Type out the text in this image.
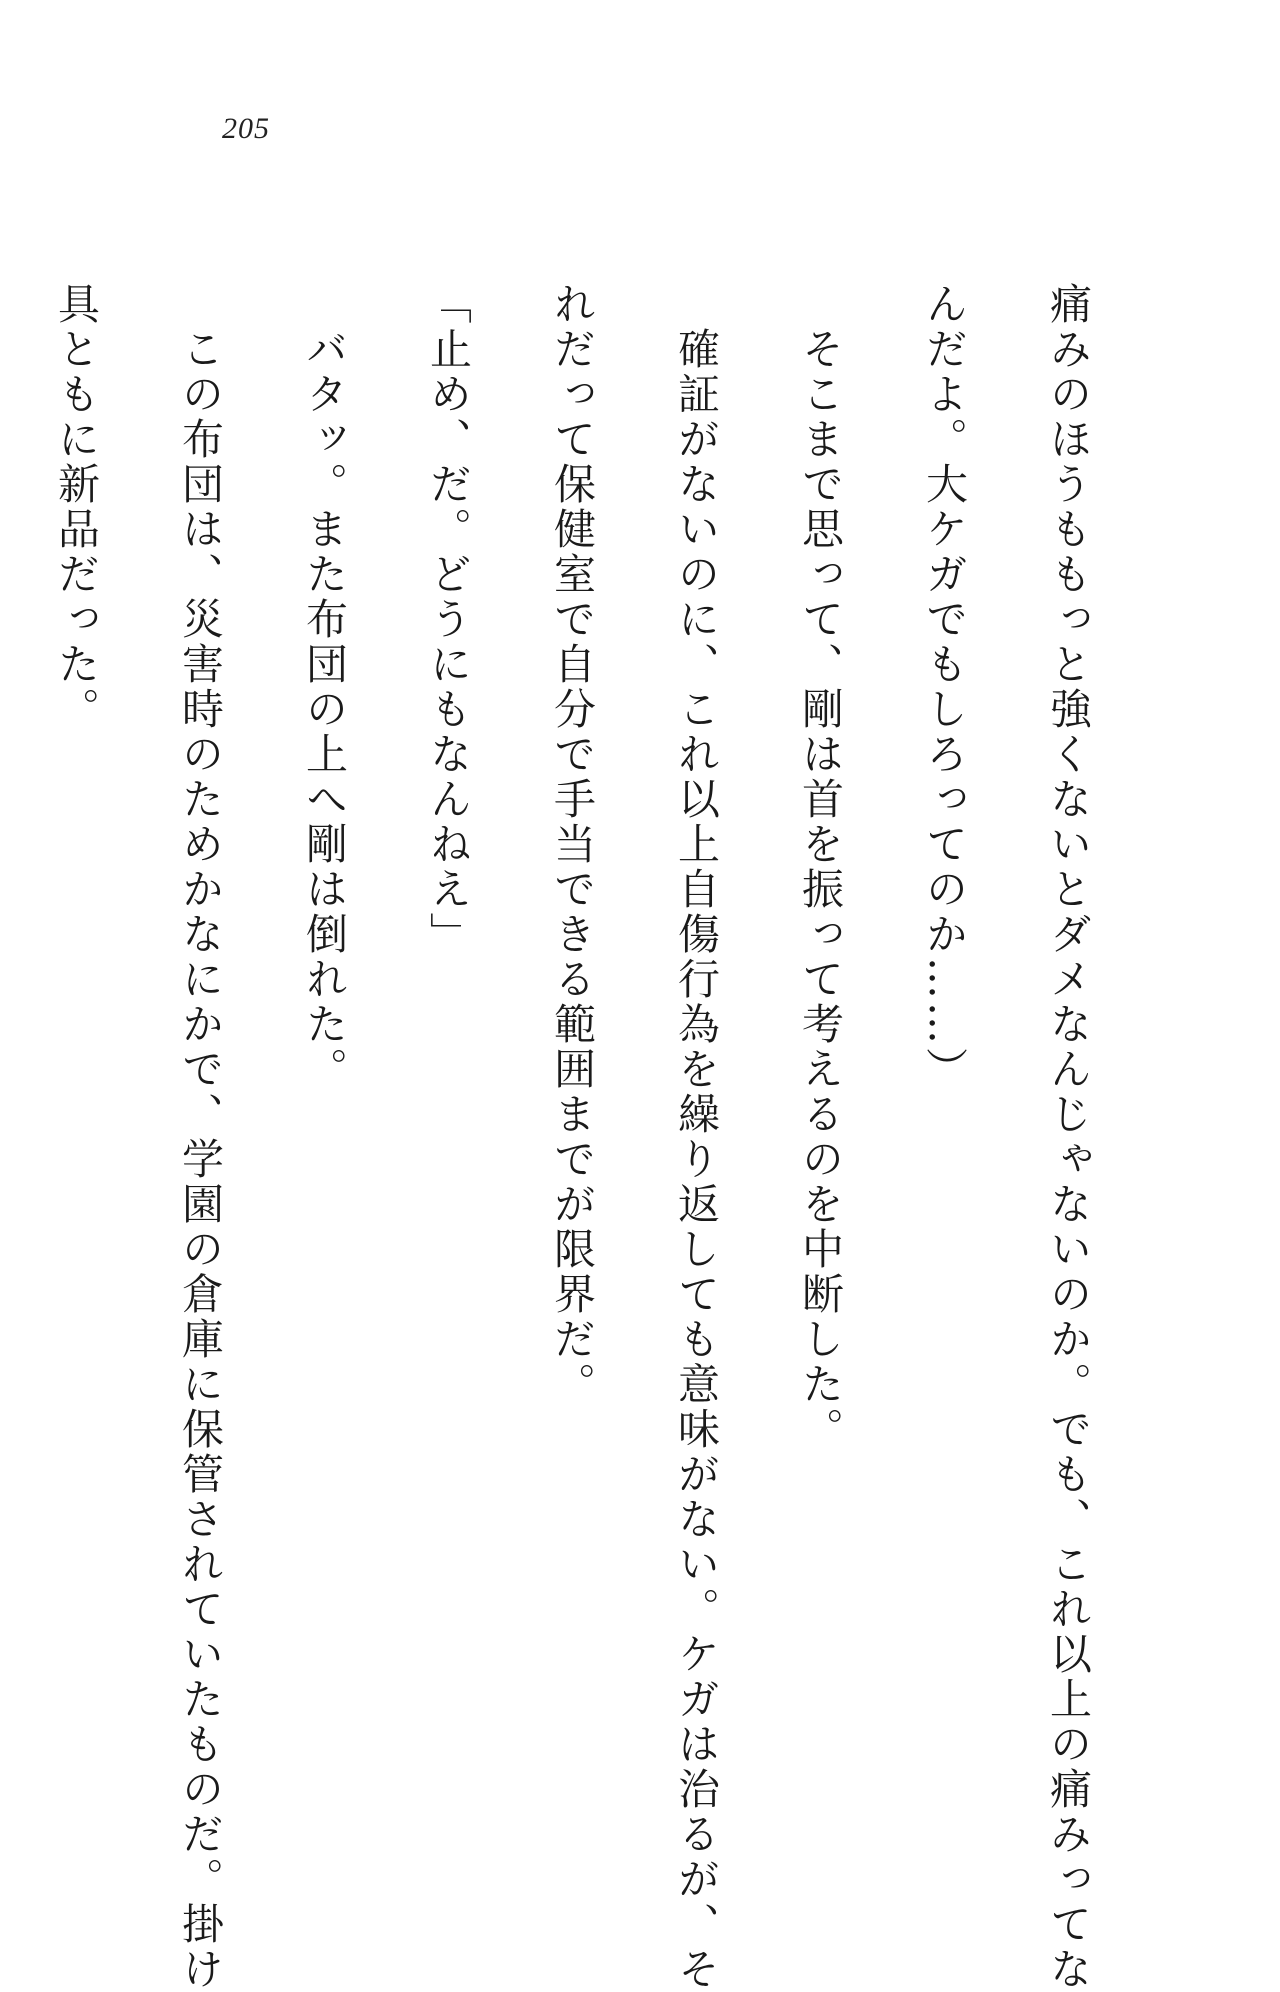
205

痛みのほうももっと強くないとダメなんじゃないのか。でも、これ以上の痛みってな

んだよ。大ケガでもしろってのか……）

　そこまで思って、剛は首を振って考えるのを中断した。

　確証がないのに、これ以上自傷行為を繰り返しても意味がない。ケガは治るが、そ

れだって保健室で自分で手当できる範囲までが限界だ。

「止め、だ。どうにもなんねえ」

　バタッ。また布団の上へ剛は倒れた。

　この布団は、災害時のためかなにかで、学園の倉庫に保管されていたものだ。掛け

具ともに新品だった。
